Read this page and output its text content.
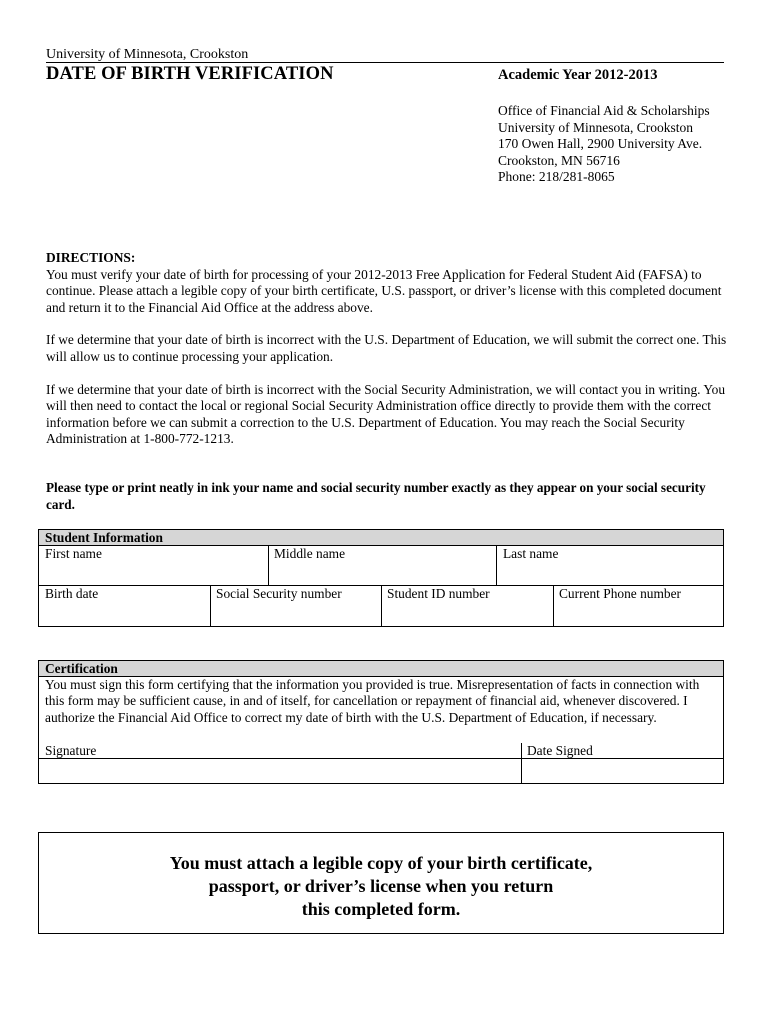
University of Minnesota, Crookston
DATE OF BIRTH VERIFICATION	Academic Year 2012-2013
Office of Financial Aid & Scholarships
University of Minnesota, Crookston
170 Owen Hall, 2900 University Ave.
Crookston, MN 56716
Phone: 218/281-8065
DIRECTIONS:

You must verify your date of birth for processing of your 2012-2013 Free Application for Federal Student Aid (FAFSA) to continue. Please attach a legible copy of your birth certificate, U.S. passport, or driver’s license with this completed document and return it to the Financial Aid Office at the address above.

If we determine that your date of birth is incorrect with the U.S. Department of Education, we will submit the correct one. This will allow us to continue processing your application.

If we determine that your date of birth is incorrect with the Social Security Administration, we will contact you in writing. You will then need to contact the local or regional Social Security Administration office directly to provide them with the correct information before we can submit a correction to the U.S. Department of Education. You may reach the Social Security Administration at 1-800-772-1213.

Please type or print neatly in ink your name and social security number exactly as they appear on your social security card.
Student Information
First name	Middle name	Last name
Birth date	Social Security number	Student ID number	Current Phone number
Certification
You must sign this form certifying that the information you provided is true. Misrepresentation of facts in connection with this form may be sufficient cause, in and of itself, for cancellation or repayment of financial aid, whenever discovered. I authorize the Financial Aid Office to correct my date of birth with the U.S. Department of Education, if necessary.
Signature	Date Signed
You must attach a legible copy of your birth certificate,
passport, or driver’s license when you return
this completed form.
